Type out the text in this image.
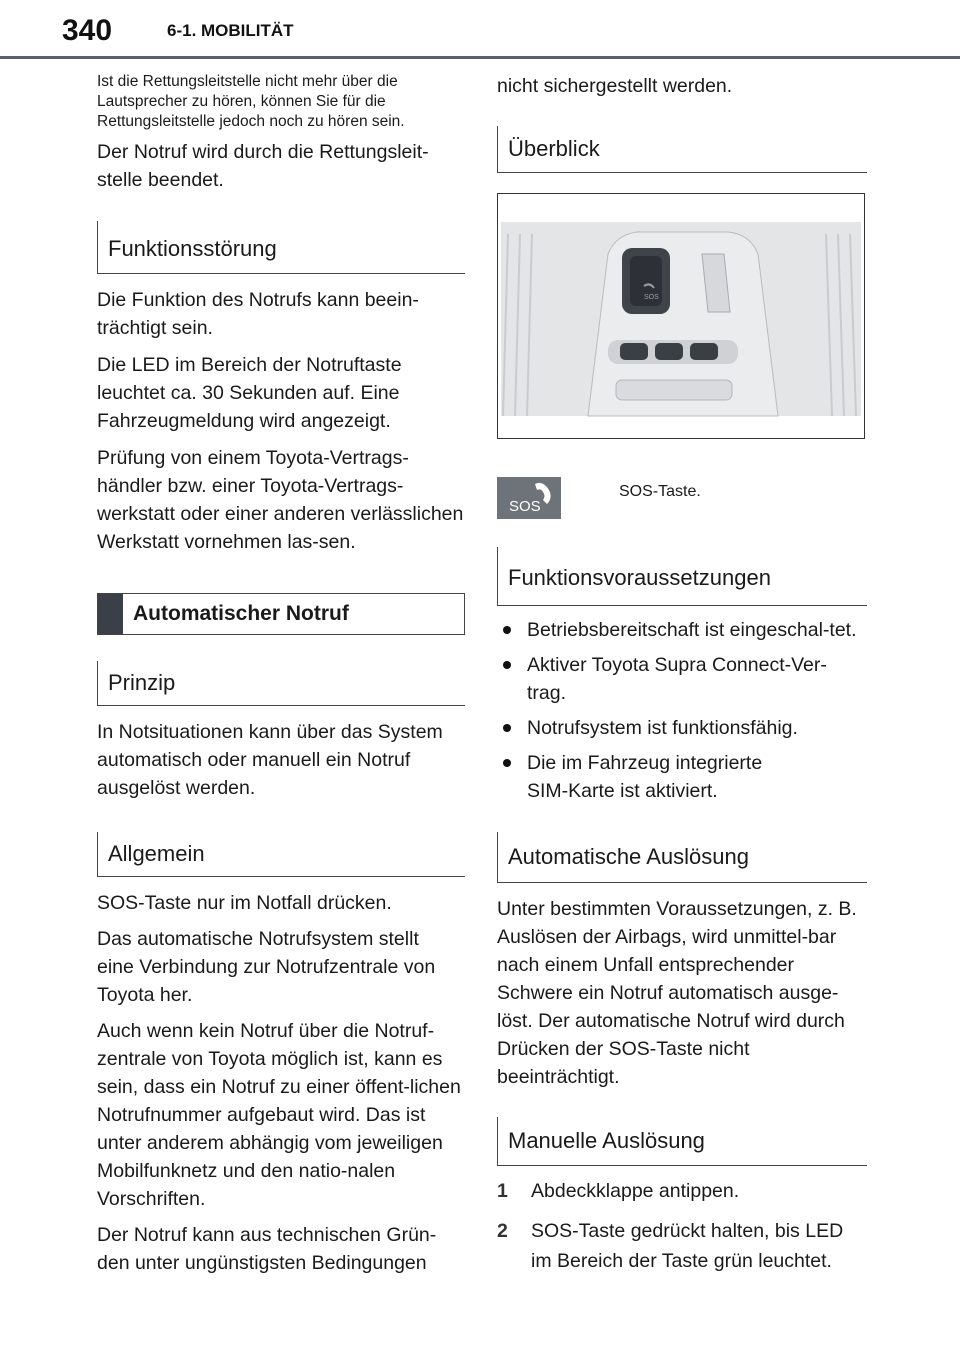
340	6-1. MOBILITÄT

Ist die Rettungsleitstelle nicht mehr über die Lautsprecher zu hören, können Sie für die Rettungsleitstelle jedoch noch zu hören sein.

Der Notruf wird durch die Rettungsleit-stelle beendet.

Funktionsstörung

Die Funktion des Notrufs kann beein-trächtigt sein.

Die LED im Bereich der Notruftaste leuchtet ca. 30 Sekunden auf. Eine Fahrzeugmeldung wird angezeigt.

Prüfung von einem Toyota-Vertrags-händler bzw. einer Toyota-Vertrags-werkstatt oder einer anderen verlässlichen Werkstatt vornehmen las-sen.

Automatischer Notruf
Prinzip

In Notsituationen kann über das System automatisch oder manuell ein Notruf ausgelöst werden.

Allgemein

SOS-Taste nur im Notfall drücken.

Das automatische Notrufsystem stellt eine Verbindung zur Notrufzentrale von Toyota her.

Auch wenn kein Notruf über die Notruf-zentrale von Toyota möglich ist, kann es sein, dass ein Notruf zu einer öffent-lichen Notrufnummer aufgebaut wird. Das ist unter anderem abhängig vom jeweiligen Mobilfunknetz und den natio-nalen Vorschriften.

Der Notruf kann aus technischen Grün-den unter ungünstigsten Bedingungen

nicht sichergestellt werden.

Überblick
SOS
SOS
SOS-Taste.
Funktionsvoraussetzungen
Betriebsbereitschaft ist eingeschal-tet.
Aktiver Toyota Supra Connect-Ver-trag.
Notrufsystem ist funktionsfähig.
Die im Fahrzeug integrierte SIM-Karte ist aktiviert.
Automatische Auslösung

Unter bestimmten Voraussetzungen, z. B. Auslösen der Airbags, wird unmittel-bar nach einem Unfall entsprechender Schwere ein Notruf automatisch ausge-löst. Der automatische Notruf wird durch Drücken der SOS-Taste nicht beeinträchtigt.

Manuelle Auslösung
1	Abdeckklappe antippen.
2	SOS-Taste gedrückt halten, bis LED im Bereich der Taste grün leuchtet.
